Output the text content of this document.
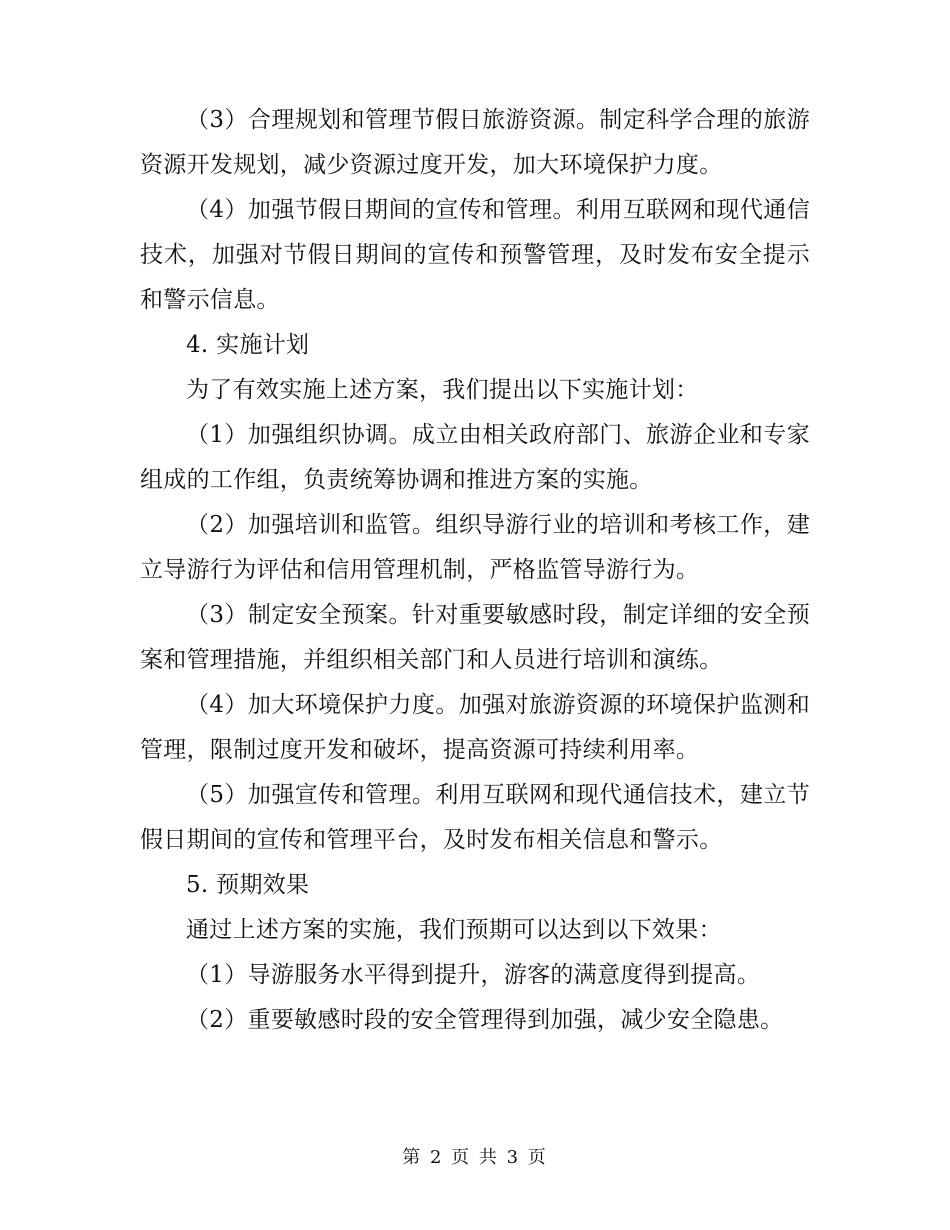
（3）合理规划和管理节假日旅游资源。制定科学合理的旅游资源开发规划，减少资源过度开发，加大环境保护力度。

（4）加强节假日期间的宣传和管理。利用互联网和现代通信技术，加强对节假日期间的宣传和预警管理，及时发布安全提示和警示信息。

4. 实施计划

为了有效实施上述方案，我们提出以下实施计划：

（1）加强组织协调。成立由相关政府部门、旅游企业和专家组成的工作组，负责统筹协调和推进方案的实施。

（2）加强培训和监管。组织导游行业的培训和考核工作，建立导游行为评估和信用管理机制，严格监管导游行为。

（3）制定安全预案。针对重要敏感时段，制定详细的安全预案和管理措施，并组织相关部门和人员进行培训和演练。

（4）加大环境保护力度。加强对旅游资源的环境保护监测和管理，限制过度开发和破坏，提高资源可持续利用率。

（5）加强宣传和管理。利用互联网和现代通信技术，建立节假日期间的宣传和管理平台，及时发布相关信息和警示。

5. 预期效果

通过上述方案的实施，我们预期可以达到以下效果：

（1）导游服务水平得到提升，游客的满意度得到提高。

（2）重要敏感时段的安全管理得到加强，减少安全隐患。

第 2 页 共 3 页
